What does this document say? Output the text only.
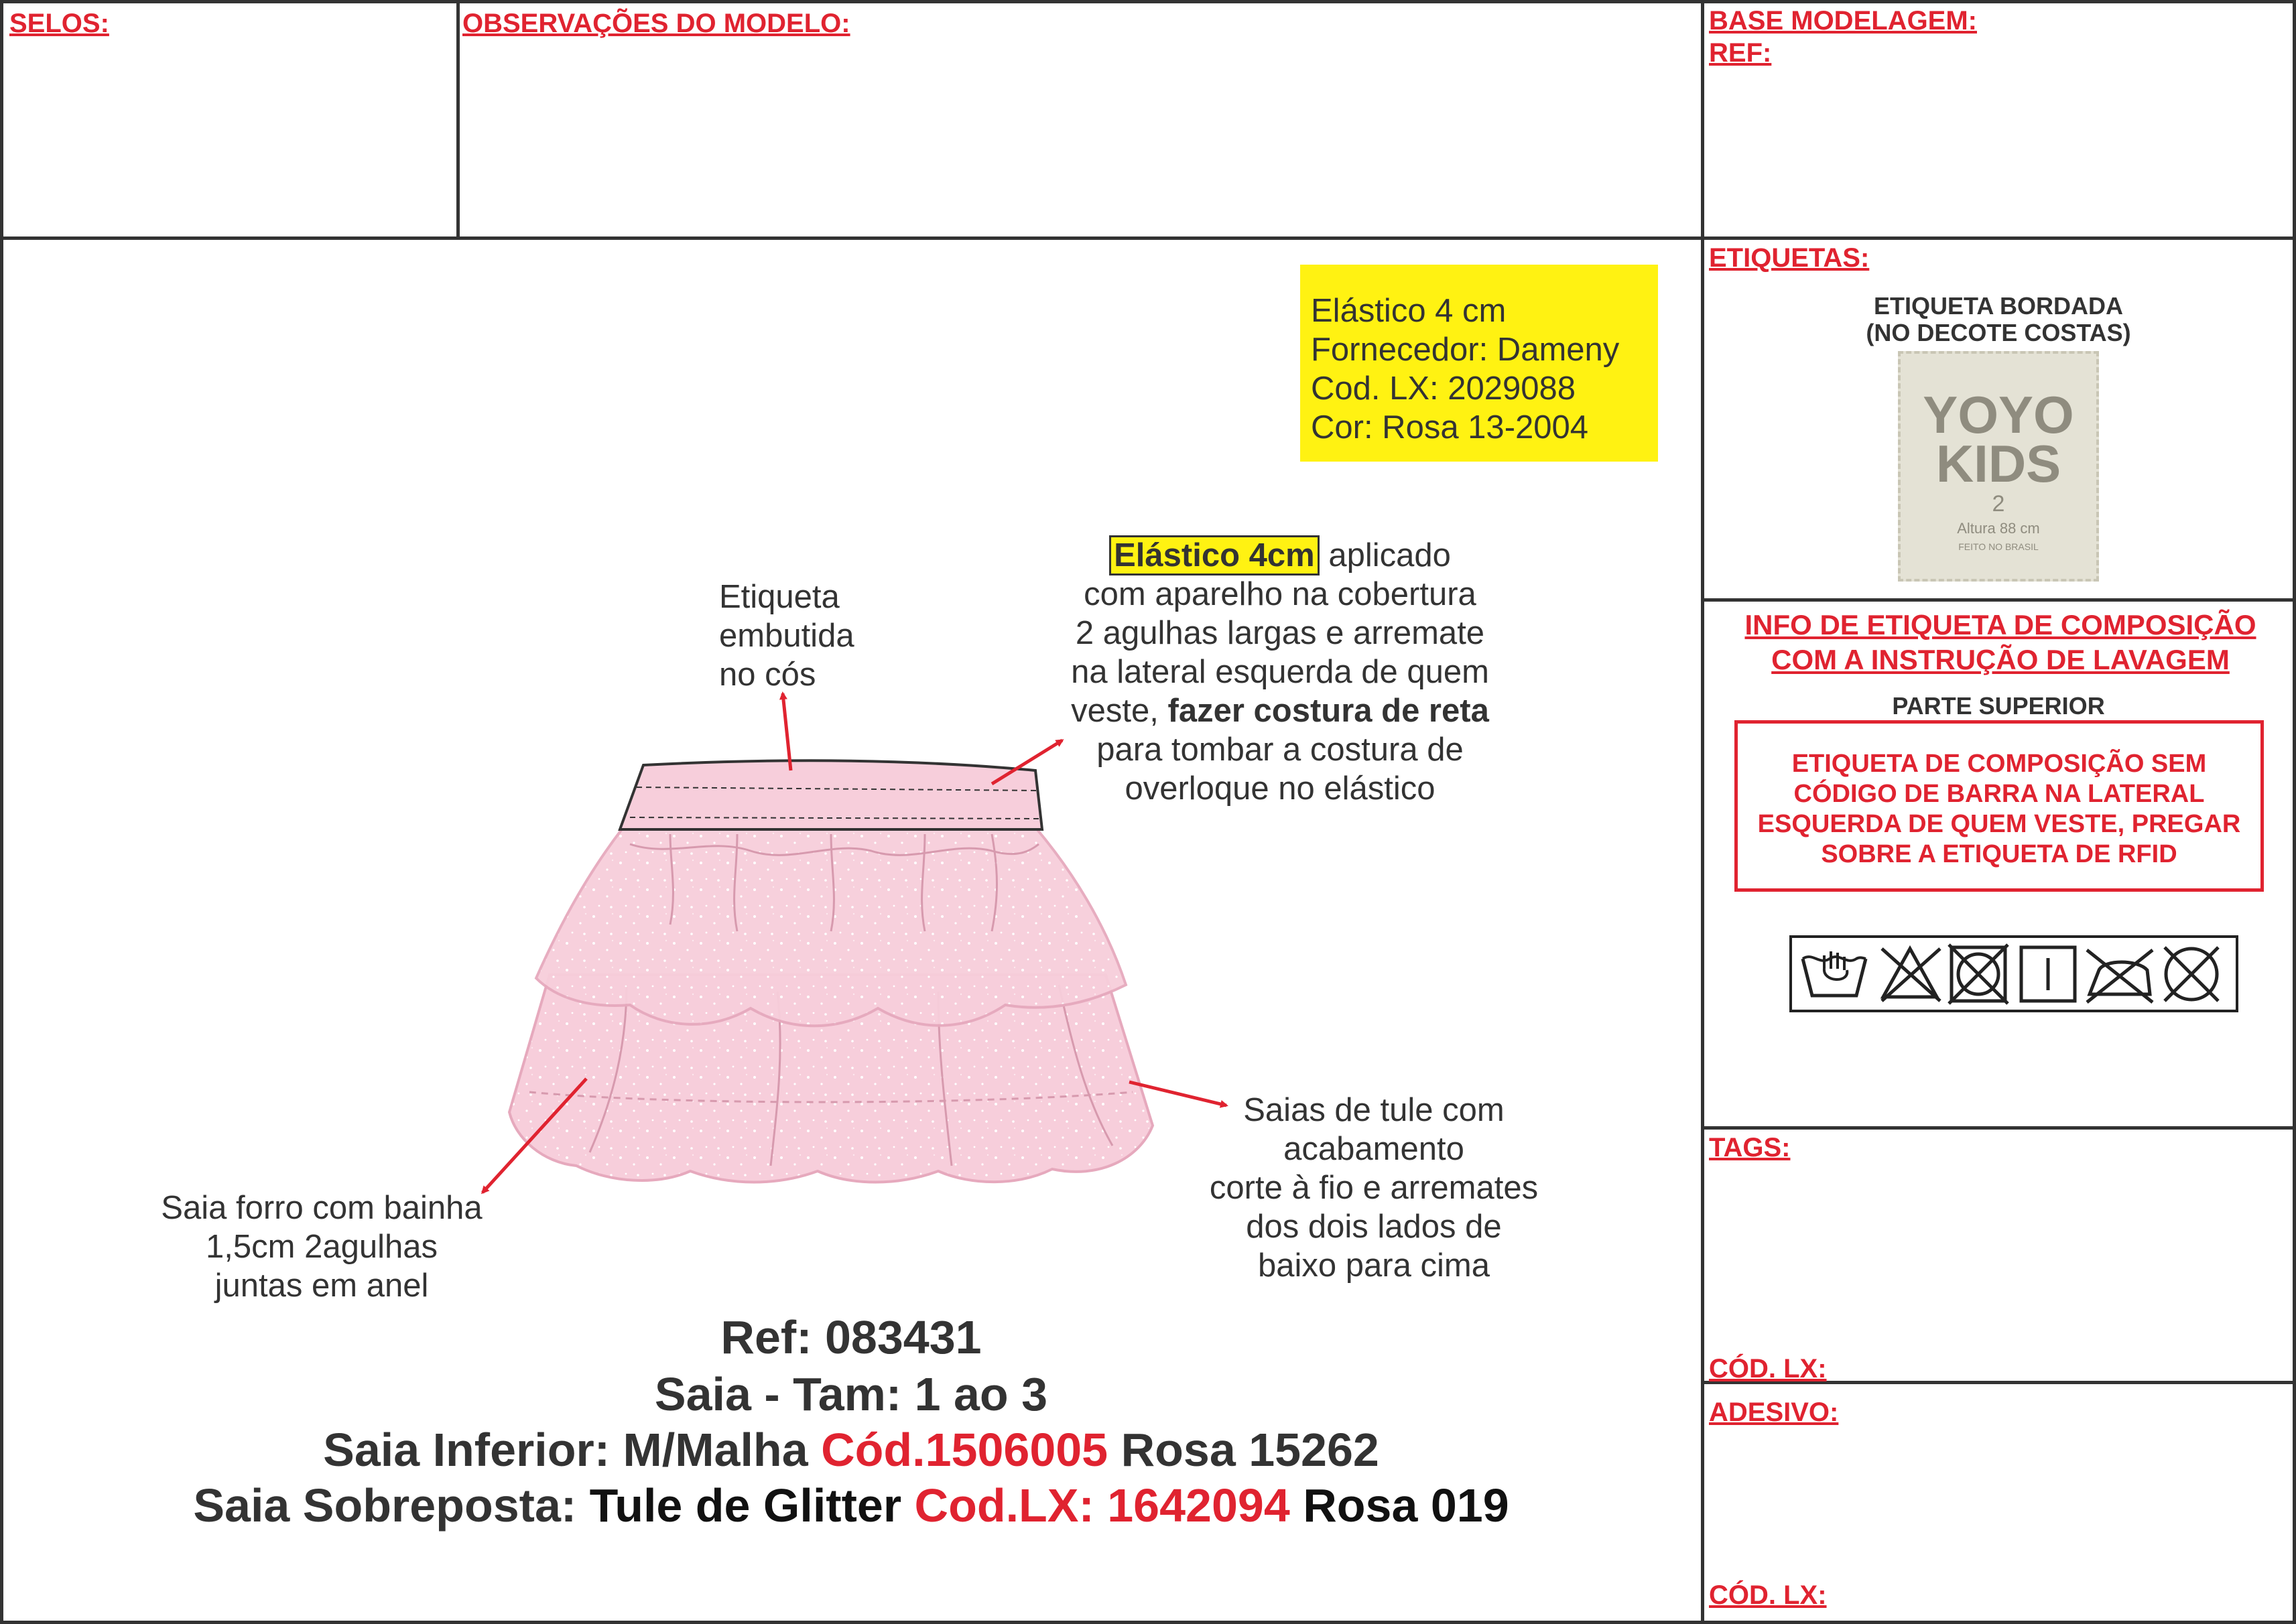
SELOS:	OBSERVAÇÕES DO MODELO:	BASE MODELAGEM:
REF:
ETIQUETAS:
INFO DE ETIQUETA DE COMPOSIÇÃO
COM A INSTRUÇÃO DE LAVAGEM
TAGS:
CÓD. LX:
ADESIVO:
CÓD. LX:
Elástico 4 cm
Fornecedor: Dameny
Cod. LX: 2029088
Cor: Rosa 13-2004
Etiqueta
embutida
no cós
Elástico 4cm aplicado
com aparelho na cobertura
2 agulhas largas e arremate
na lateral esquerda de quem
veste, fazer costura de reta
para tombar a costura de
overloque no elástico
Saias de tule com
acabamento
corte à fio e arremates
dos dois lados de
baixo para cima
Saia forro com bainha
1,5cm 2agulhas
juntas em anel
Ref: 083431
Saia - Tam: 1 ao 3
Saia Inferior: M/Malha Cód.1506005 Rosa 15262
Saia Sobreposta: Tule de Glitter Cod.LX: 1642094 Rosa 019
ETIQUETA BORDADA
(NO DECOTE COSTAS)
YOYO
KIDS
2
Altura 88 cm
FEITO NO BRASIL
PARTE SUPERIOR
ETIQUETA DE COMPOSIÇÃO SEM
CÓDIGO DE BARRA NA LATERAL
ESQUERDA DE QUEM VESTE, PREGAR
SOBRE A ETIQUETA DE RFID
